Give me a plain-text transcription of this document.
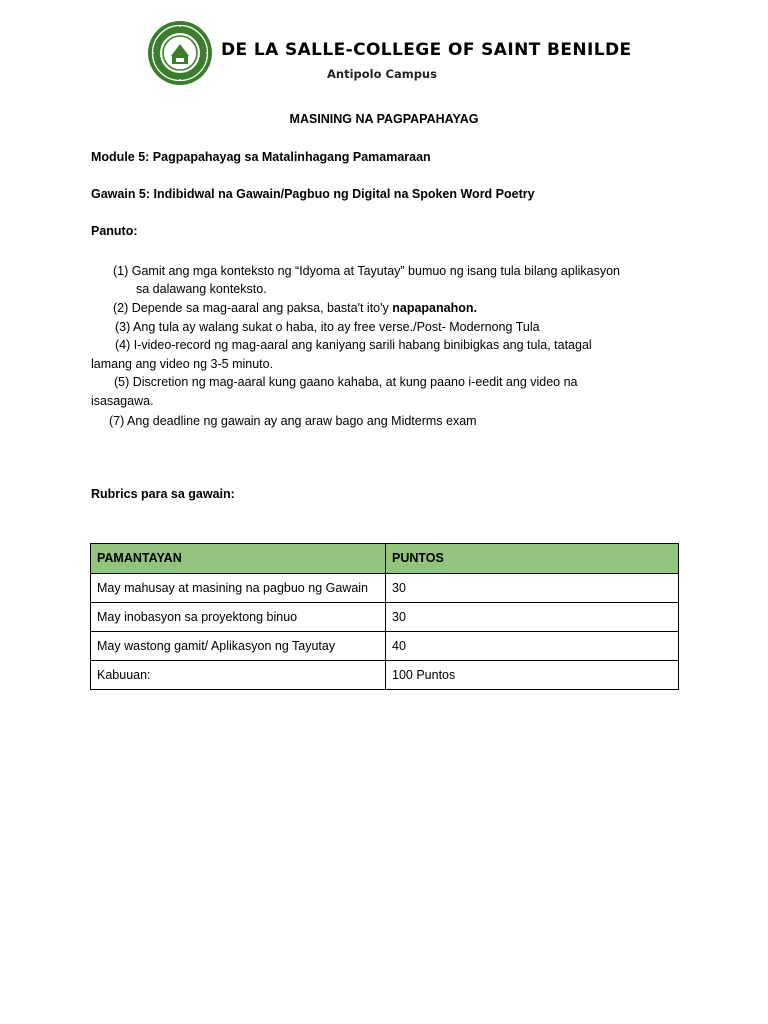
DE LA SALLE-COLLEGE OF SAINT BENILDE
Antipolo Campus
MASINING NA PAGPAPAHAYAG
Module 5: Pagpapahayag sa Matalinhagang Pamamaraan
Gawain 5: Indibidwal na Gawain/Pagbuo ng Digital na Spoken Word Poetry
Panuto:
(1) Gamit ang mga konteksto ng “Idyoma at Tayutay” bumuo ng isang tula bilang aplikasyon
sa dalawang konteksto.
(2) Depende sa mag-aaral ang paksa, basta't ito'y napapanahon.
(3) Ang tula ay walang sukat o haba, ito ay free verse./Post- Modernong Tula
(4) I-video-record ng mag-aaral ang kaniyang sarili habang binibigkas ang tula, tatagal
lamang ang video ng 3-5 minuto.
(5) Discretion ng mag-aaral kung gaano kahaba, at kung paano i-eedit ang video na
isasagawa.
(7) Ang deadline ng gawain ay ang araw bago ang Midterms exam
Rubrics para sa gawain:
PAMANTAYAN	PUNTOS
May mahusay at masining na pagbuo ng Gawain	30
May inobasyon sa proyektong binuo	30
May wastong gamit/ Aplikasyon ng Tayutay	40
Kabuuan:	100 Puntos
